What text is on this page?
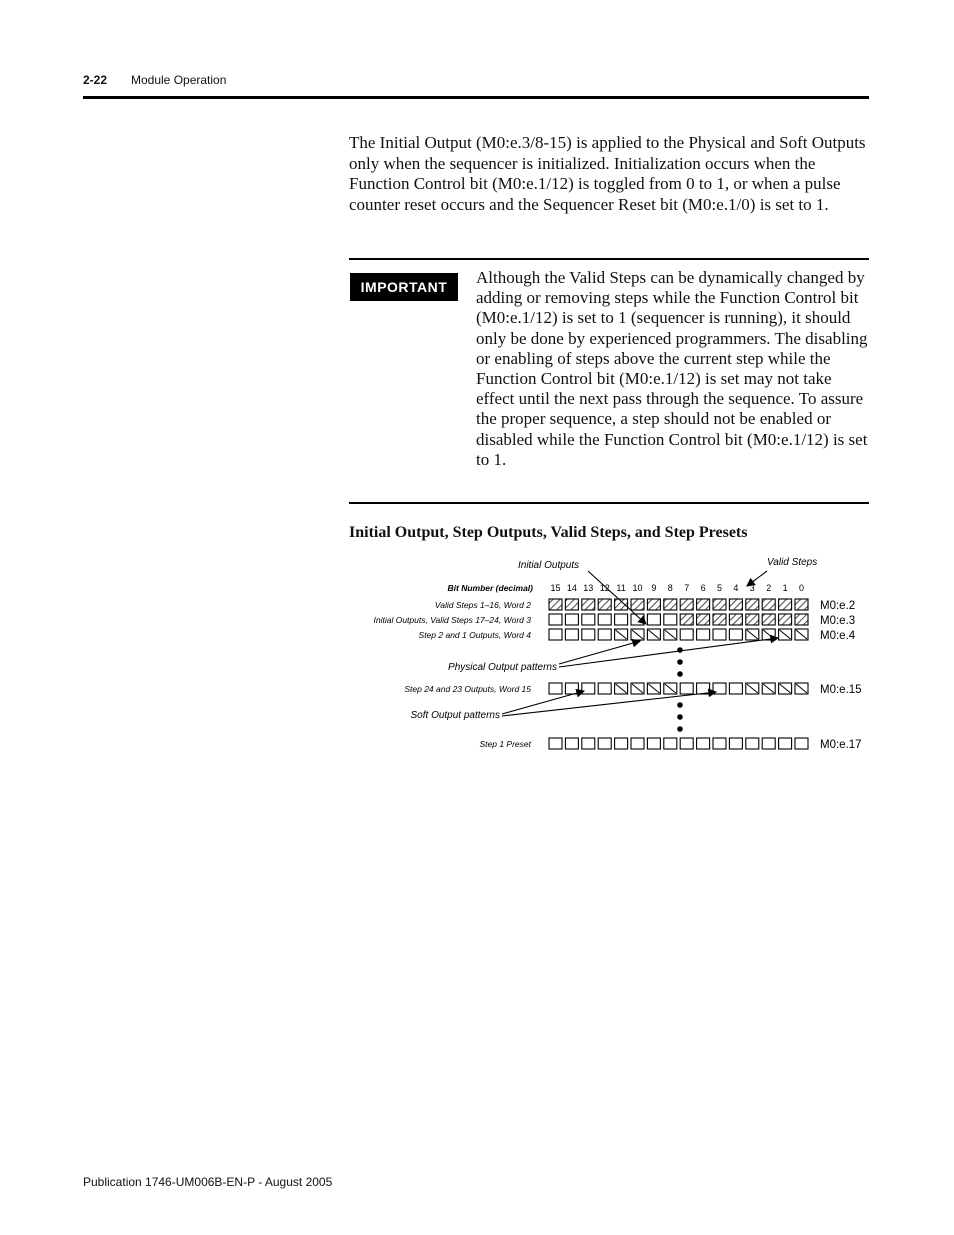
2-22 Module Operation

The Initial Output (M0:e.3/8-15) is applied to the Physical and Soft Outputs only when the sequencer is initialized. Initialization occurs when the Function Control bit (M0:e.1/12) is toggled from 0 to 1, or when a pulse counter reset occurs and the Sequencer Reset bit (M0:e.1/0) is set to 1.

IMPORTANT	Although the Valid Steps can be dynamically changed by adding or removing steps while the Function Control bit (M0:e.1/12) is set to 1 (sequencer is running), it should only be done by experienced programmers. The disabling or enabling of steps above the current step while the Function Control bit (M0:e.1/12) is set may not take effect until the next pass through the sequence. To assure the proper sequence, a step should not be enabled or disabled while the Function Control bit (M0:e.1/12) is set to 1.

Initial Output, Step Outputs, Valid Steps, and Step Presets
Initial Outputs	Valid Steps
Bit Number (decimal)
Physical Output patterns
Soft Output patterns
15 14 13 12 11 10 9 8 7 6 5 4 3 2 1 0
Valid Steps 1–16, Word 2	M0:e.2
Initial Outputs, Valid Steps 17–24, Word 3	M0:e.3
Step 2 and 1 Outputs, Word 4	M0:e.4
Step 24 and 23 Outputs, Word 15	M0:e.15
Step 1 Preset	M0:e.17
Publication 1746-UM006B-EN-P - August 2005
